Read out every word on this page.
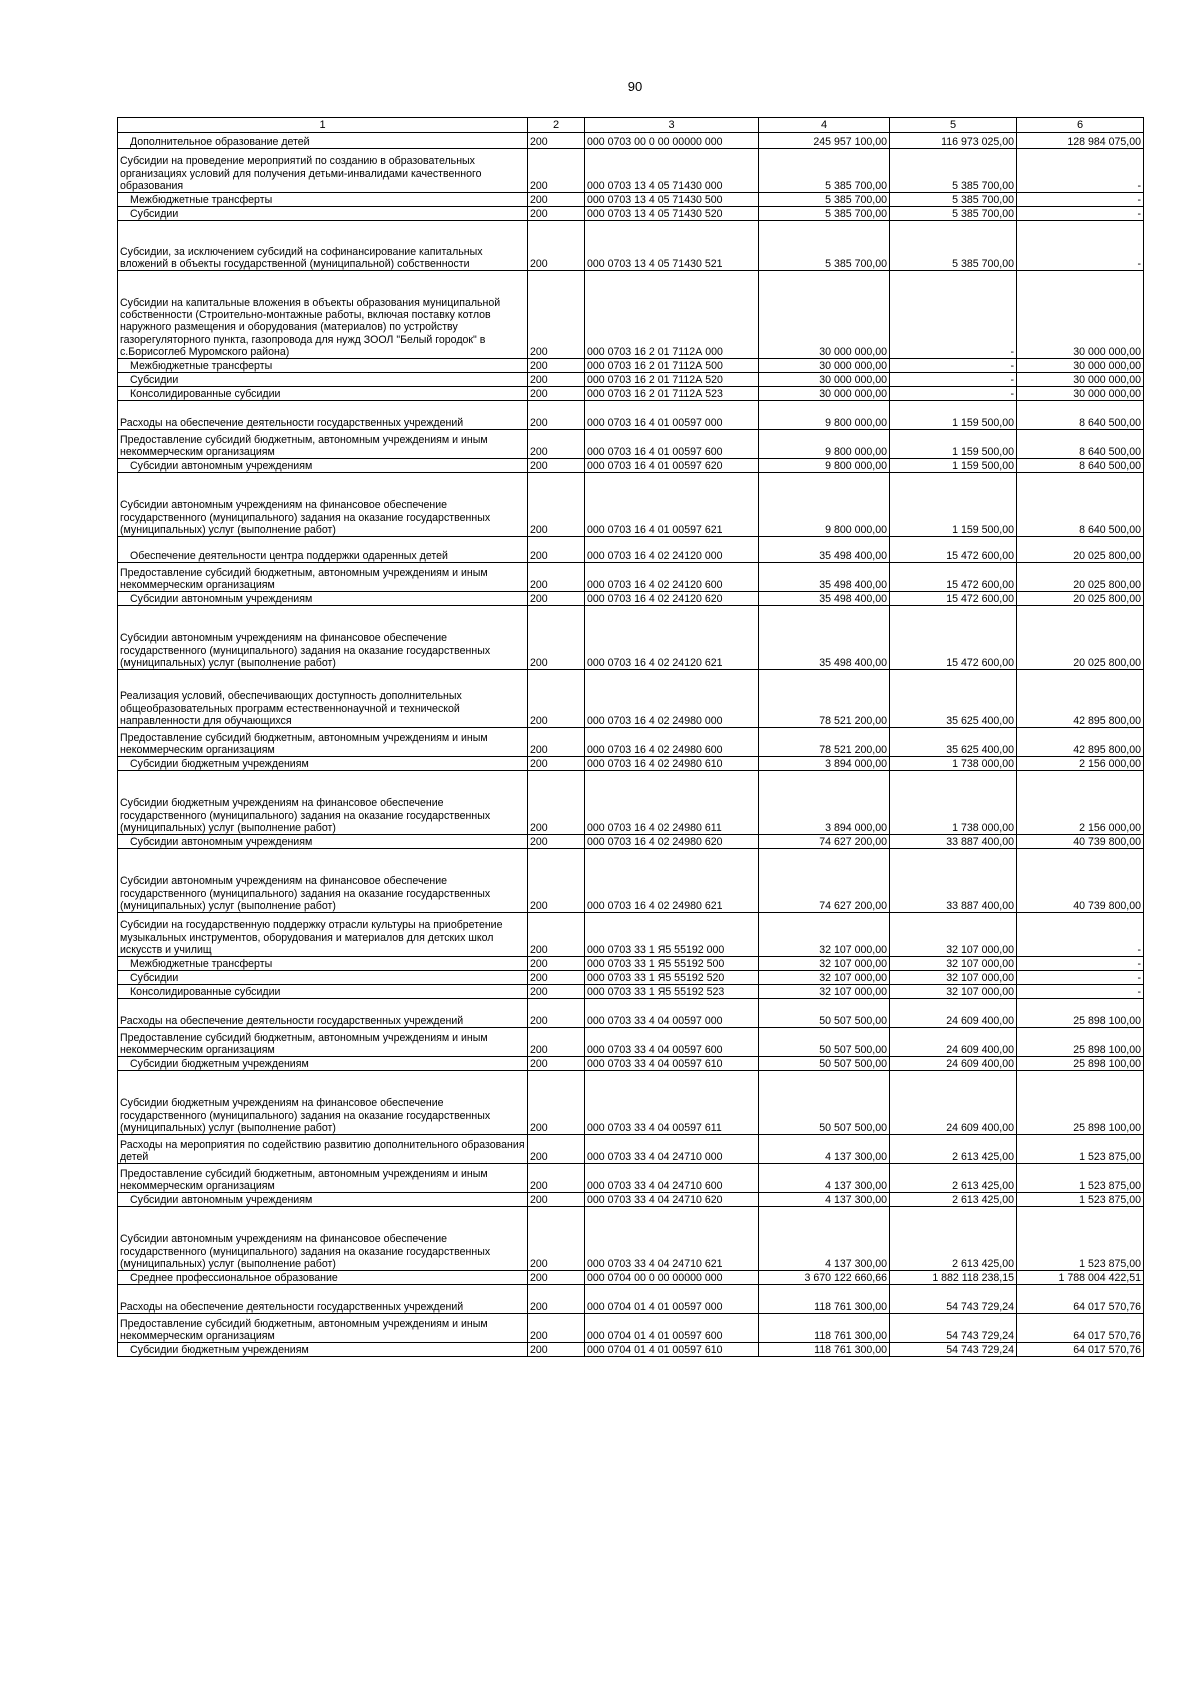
90
1	2	3	4	5	6
Дополнительное образование детей	200	000 0703 00 0 00 00000 000	245 957 100,00	116 973 025,00	128 984 075,00
Субсидии на проведение мероприятий по созданию в образовательных организациях условий для получения детьми-инвалидами качественного образования	200	000 0703 13 4 05 71430 000	5 385 700,00	5 385 700,00	-
Межбюджетные трансферты	200	000 0703 13 4 05 71430 500	5 385 700,00	5 385 700,00	-
Субсидии	200	000 0703 13 4 05 71430 520	5 385 700,00	5 385 700,00	-
Субсидии, за исключением субсидий на софинансирование капитальных вложений в объекты государственной (муниципальной) собственности	200	000 0703 13 4 05 71430 521	5 385 700,00	5 385 700,00	-
Субсидии на капитальные вложения в объекты образования муниципальной собственности (Строительно-монтажные работы, включая поставку котлов наружного размещения и оборудования (материалов) по устройству газорегуляторного пункта, газопровода для нужд ЗООЛ "Белый городок" в с.Борисоглеб Муромского района)	200	000 0703 16 2 01 7112А 000	30 000 000,00	-	30 000 000,00
Межбюджетные трансферты	200	000 0703 16 2 01 7112А 500	30 000 000,00	-	30 000 000,00
Субсидии	200	000 0703 16 2 01 7112А 520	30 000 000,00	-	30 000 000,00
Консолидированные субсидии	200	000 0703 16 2 01 7112А 523	30 000 000,00	-	30 000 000,00
Расходы на обеспечение деятельности государственных учреждений	200	000 0703 16 4 01 00597 000	9 800 000,00	1 159 500,00	8 640 500,00
Предоставление субсидий бюджетным, автономным учреждениям и иным некоммерческим организациям	200	000 0703 16 4 01 00597 600	9 800 000,00	1 159 500,00	8 640 500,00
Субсидии автономным учреждениям	200	000 0703 16 4 01 00597 620	9 800 000,00	1 159 500,00	8 640 500,00
Субсидии автономным учреждениям на финансовое обеспечение государственного (муниципального) задания на оказание государственных (муниципальных) услуг (выполнение работ)	200	000 0703 16 4 01 00597 621	9 800 000,00	1 159 500,00	8 640 500,00
Обеспечение деятельности центра поддержки одаренных детей	200	000 0703 16 4 02 24120 000	35 498 400,00	15 472 600,00	20 025 800,00
Предоставление субсидий бюджетным, автономным учреждениям и иным некоммерческим организациям	200	000 0703 16 4 02 24120 600	35 498 400,00	15 472 600,00	20 025 800,00
Субсидии автономным учреждениям	200	000 0703 16 4 02 24120 620	35 498 400,00	15 472 600,00	20 025 800,00
Субсидии автономным учреждениям на финансовое обеспечение государственного (муниципального) задания на оказание государственных (муниципальных) услуг (выполнение работ)	200	000 0703 16 4 02 24120 621	35 498 400,00	15 472 600,00	20 025 800,00
Реализация условий, обеспечивающих доступность дополнительных общеобразовательных программ естественнонаучной и технической направленности для обучающихся	200	000 0703 16 4 02 24980 000	78 521 200,00	35 625 400,00	42 895 800,00
Предоставление субсидий бюджетным, автономным учреждениям и иным некоммерческим организациям	200	000 0703 16 4 02 24980 600	78 521 200,00	35 625 400,00	42 895 800,00
Субсидии бюджетным учреждениям	200	000 0703 16 4 02 24980 610	3 894 000,00	1 738 000,00	2 156 000,00
Субсидии бюджетным учреждениям на финансовое обеспечение государственного (муниципального) задания на оказание государственных (муниципальных) услуг (выполнение работ)	200	000 0703 16 4 02 24980 611	3 894 000,00	1 738 000,00	2 156 000,00
Субсидии автономным учреждениям	200	000 0703 16 4 02 24980 620	74 627 200,00	33 887 400,00	40 739 800,00
Субсидии автономным учреждениям на финансовое обеспечение государственного (муниципального) задания на оказание государственных (муниципальных) услуг (выполнение работ)	200	000 0703 16 4 02 24980 621	74 627 200,00	33 887 400,00	40 739 800,00
Субсидии на государственную поддержку отрасли культуры на приобретение музыкальных инструментов, оборудования и материалов для детских школ искусств и училищ	200	000 0703 33 1 Я5 55192 000	32 107 000,00	32 107 000,00	-
Межбюджетные трансферты	200	000 0703 33 1 Я5 55192 500	32 107 000,00	32 107 000,00	-
Субсидии	200	000 0703 33 1 Я5 55192 520	32 107 000,00	32 107 000,00	-
Консолидированные субсидии	200	000 0703 33 1 Я5 55192 523	32 107 000,00	32 107 000,00	-
Расходы на обеспечение деятельности государственных учреждений	200	000 0703 33 4 04 00597 000	50 507 500,00	24 609 400,00	25 898 100,00
Предоставление субсидий бюджетным, автономным учреждениям и иным некоммерческим организациям	200	000 0703 33 4 04 00597 600	50 507 500,00	24 609 400,00	25 898 100,00
Субсидии бюджетным учреждениям	200	000 0703 33 4 04 00597 610	50 507 500,00	24 609 400,00	25 898 100,00
Субсидии бюджетным учреждениям на финансовое обеспечение государственного (муниципального) задания на оказание государственных (муниципальных) услуг (выполнение работ)	200	000 0703 33 4 04 00597 611	50 507 500,00	24 609 400,00	25 898 100,00
Расходы на мероприятия по содействию развитию дополнительного образования детей	200	000 0703 33 4 04 24710 000	4 137 300,00	2 613 425,00	1 523 875,00
Предоставление субсидий бюджетным, автономным учреждениям и иным некоммерческим организациям	200	000 0703 33 4 04 24710 600	4 137 300,00	2 613 425,00	1 523 875,00
Субсидии автономным учреждениям	200	000 0703 33 4 04 24710 620	4 137 300,00	2 613 425,00	1 523 875,00
Субсидии автономным учреждениям на финансовое обеспечение государственного (муниципального) задания на оказание государственных (муниципальных) услуг (выполнение работ)	200	000 0703 33 4 04 24710 621	4 137 300,00	2 613 425,00	1 523 875,00
Среднее профессиональное образование	200	000 0704 00 0 00 00000 000	3 670 122 660,66	1 882 118 238,15	1 788 004 422,51
Расходы на обеспечение деятельности государственных учреждений	200	000 0704 01 4 01 00597 000	118 761 300,00	54 743 729,24	64 017 570,76
Предоставление субсидий бюджетным, автономным учреждениям и иным некоммерческим организациям	200	000 0704 01 4 01 00597 600	118 761 300,00	54 743 729,24	64 017 570,76
Субсидии бюджетным учреждениям	200	000 0704 01 4 01 00597 610	118 761 300,00	54 743 729,24	64 017 570,76
